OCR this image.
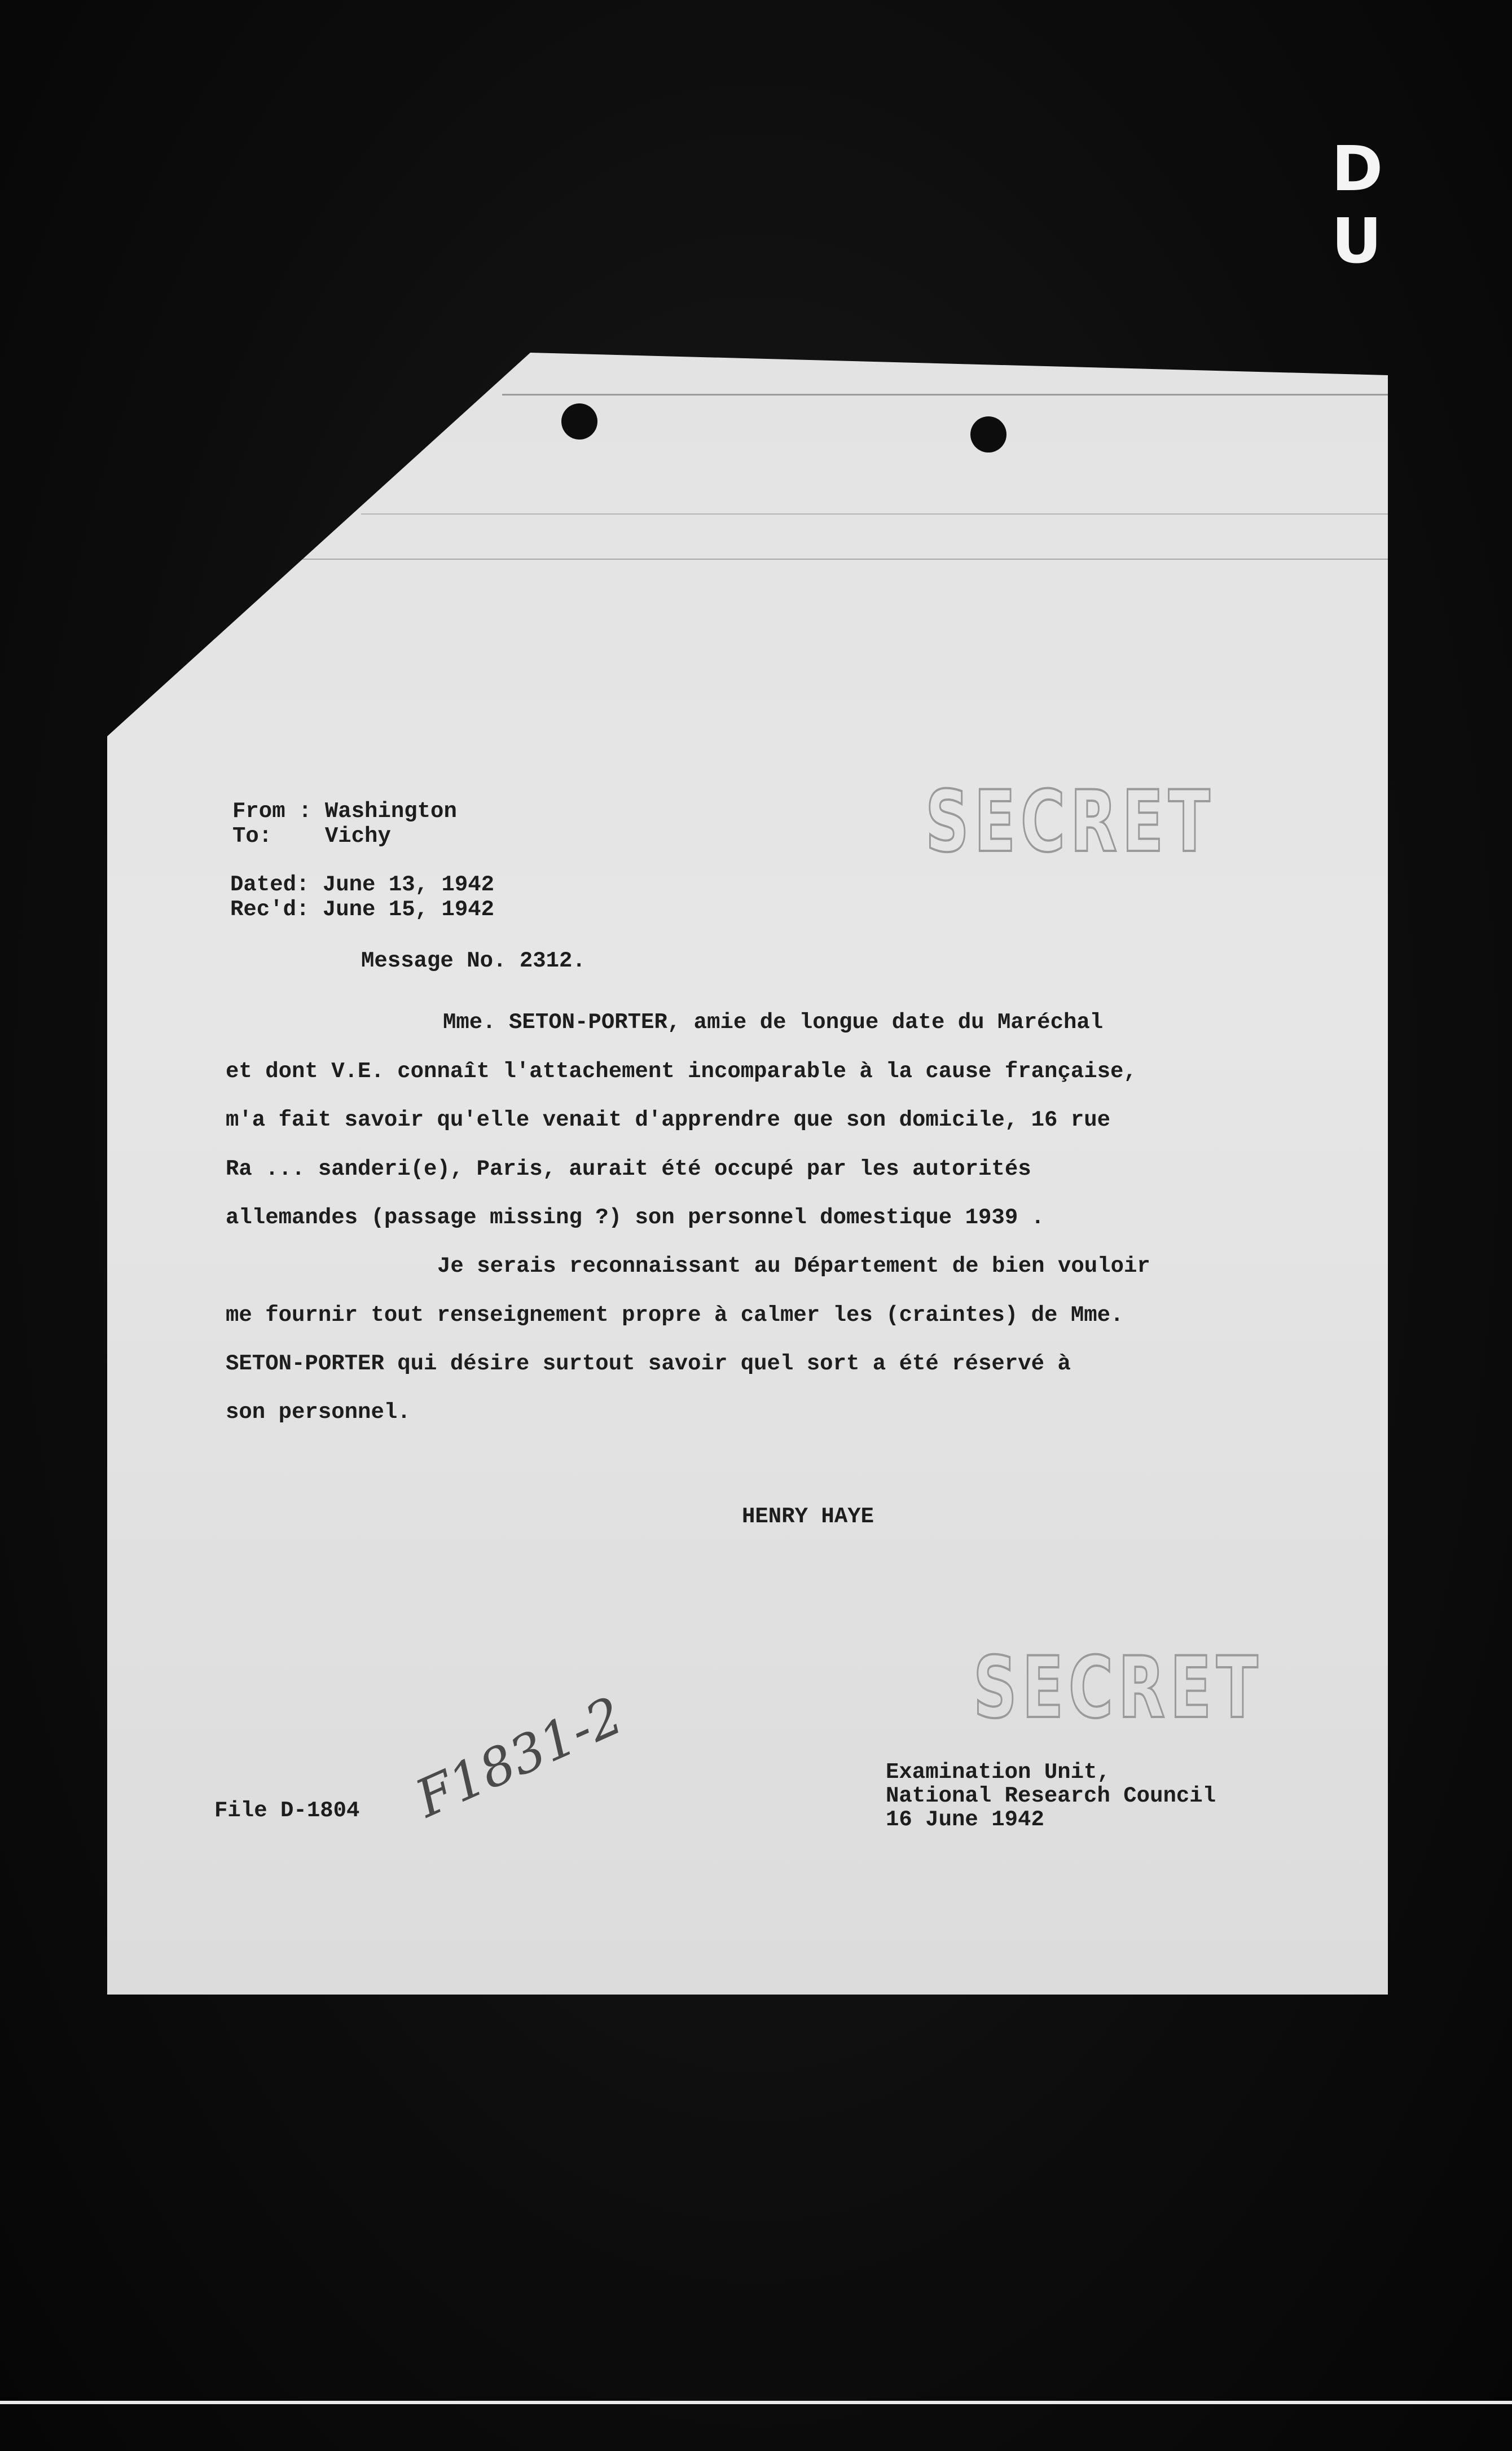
D U
From : Washington
To:    Vichy
Dated: June 13, 1942
Rec'd: June 15, 1942
SECRET
Message No. 2312.
Mme. SETON-PORTER, amie de longue date du Maréchal
et dont V.E. connaît l'attachement incomparable à la cause française,
m'a fait savoir qu'elle venait d'apprendre que son domicile, 16 rue
Ra ... sanderi(e), Paris, aurait été occupé par les autorités
allemandes (passage missing ?) son personnel domestique 1939 .
Je serais reconnaissant au Département de bien vouloir
me fournir tout renseignement propre à calmer les (craintes) de Mme.
SETON-PORTER qui désire surtout savoir quel sort a été réservé à
son personnel.
HENRY HAYE
SECRET
File D-1804 F1831-2	Examination Unit,
National Research Council
16 June 1942
